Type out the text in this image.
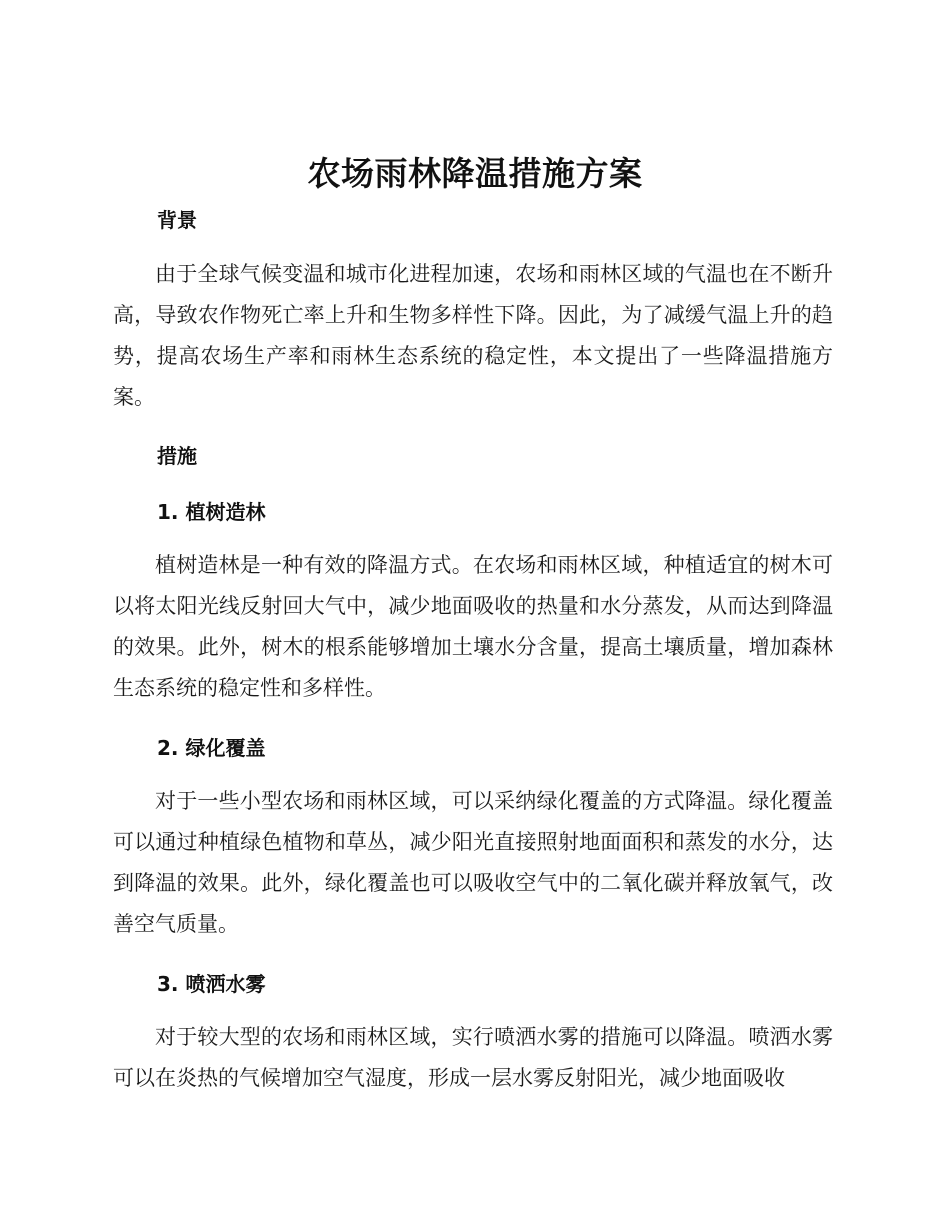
农场雨林降温措施方案
背景
由于全球气候变温和城市化进程加速，农场和雨林区域的气温也在不断升高，导致农作物死亡率上升和生物多样性下降。因此，为了减缓气温上升的趋势，提高农场生产率和雨林生态系统的稳定性，本文提出了一些降温措施方案。
措施
1. 植树造林
植树造林是一种有效的降温方式。在农场和雨林区域，种植适宜的树木可以将太阳光线反射回大气中，减少地面吸收的热量和水分蒸发，从而达到降温的效果。此外，树木的根系能够增加土壤水分含量，提高土壤质量，增加森林生态系统的稳定性和多样性。
2. 绿化覆盖
对于一些小型农场和雨林区域，可以采纳绿化覆盖的方式降温。绿化覆盖可以通过种植绿色植物和草丛，减少阳光直接照射地面面积和蒸发的水分，达到降温的效果。此外，绿化覆盖也可以吸收空气中的二氧化碳并释放氧气，改善空气质量。
3. 喷洒水雾
对于较大型的农场和雨林区域，实行喷洒水雾的措施可以降温。喷洒水雾可以在炎热的气候增加空气湿度，形成一层水雾反射阳光，减少地面吸收
